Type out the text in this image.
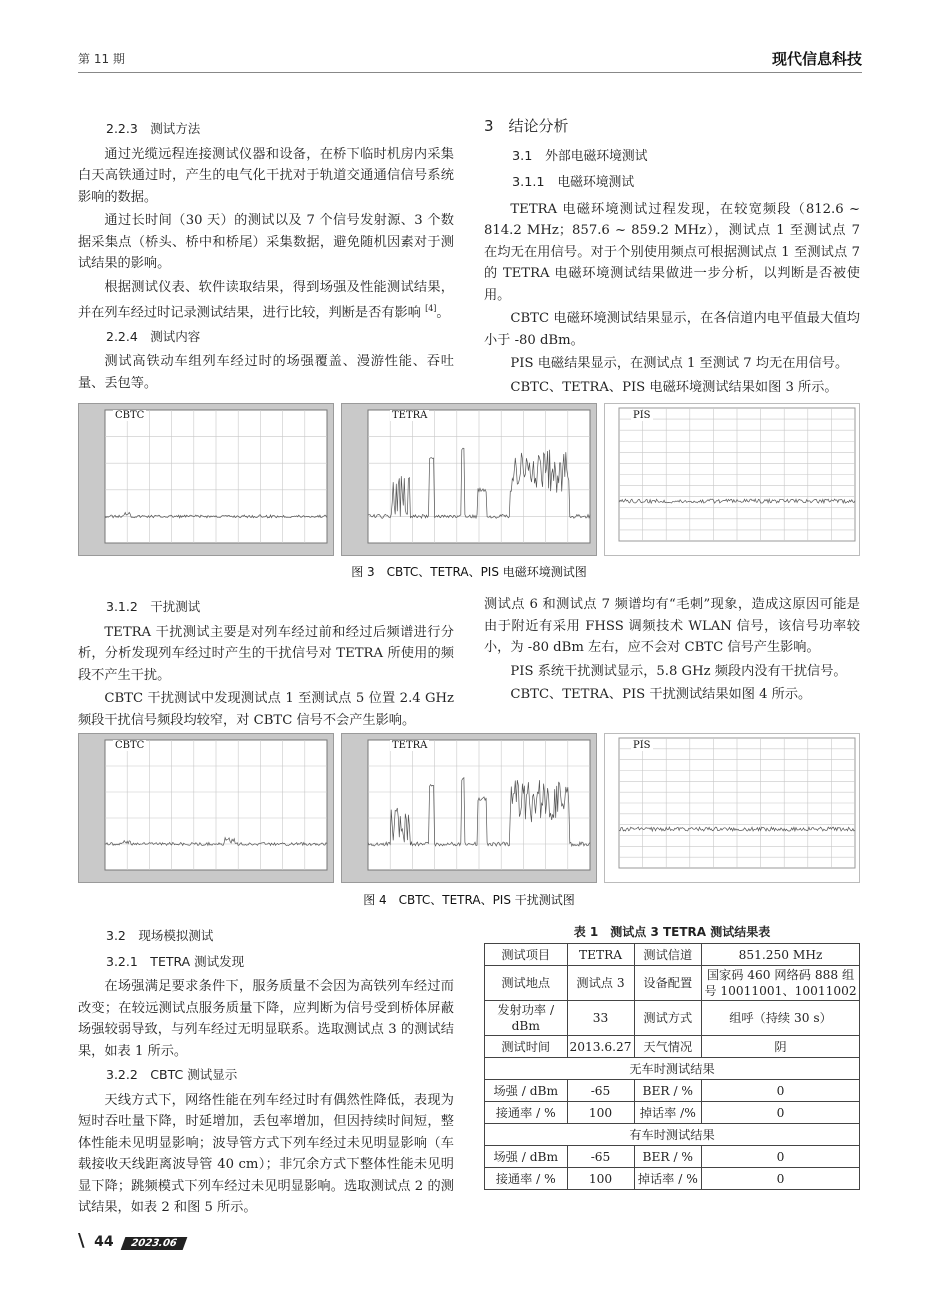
第 11 期	现代信息科技
2.2.3　测试方法

通过光缆远程连接测试仪器和设备，在桥下临时机房内采集白天高铁通过时，产生的电气化干扰对于轨道交通通信信号系统影响的数据。

通过长时间（30 天）的测试以及 7 个信号发射源、3 个数据采集点（桥头、桥中和桥尾）采集数据，避免随机因素对于测试结果的影响。

根据测试仪表、软件读取结果，得到场强及性能测试结果，并在列车经过时记录测试结果，进行比较，判断是否有影响 [4]。

2.2.4　测试内容

测试高铁动车组列车经过时的场强覆盖、漫游性能、吞吐量、丢包等。

3　结论分析
3.1　外部电磁环境测试
3.1.1　电磁环境测试

TETRA 电磁环境测试过程发现，在较宽频段（812.6 ~ 814.2 MHz；857.6 ~ 859.2 MHz），测试点 1 至测试点 7 在均无在用信号。对于个别使用频点可根据测试点 1 至测试点 7 的 TETRA 电磁环境测试结果做进一步分析，以判断是否被使用。

CBTC 电磁环境测试结果显示，在各信道内电平值最大值均小于 -80 dBm。

PIS 电磁结果显示，在测试点 1 至测试 7 均无在用信号。

CBTC、TETRA、PIS 电磁环境测试结果如图 3 所示。

CBTC	TETRA	PIS
图 3　CBTC、TETRA、PIS 电磁环境测试图
3.1.2　干扰测试

TETRA 干扰测试主要是对列车经过前和经过后频谱进行分析，分析发现列车经过时产生的干扰信号对 TETRA 所使用的频段不产生干扰。

CBTC 干扰测试中发现测试点 1 至测试点 5 位置 2.4 GHz 频段干扰信号频段均较窄，对 CBTC 信号不会产生影响。

测试点 6 和测试点 7 频谱均有“毛刺”现象，造成这原因可能是由于附近有采用 FHSS 调频技术 WLAN 信号，该信号功率较小，为 -80 dBm 左右，应不会对 CBTC 信号产生影响。

PIS 系统干扰测试显示，5.8 GHz 频段内没有干扰信号。

CBTC、TETRA、PIS 干扰测试结果如图 4 所示。

CBTC	TETRA	PIS
图 4　CBTC、TETRA、PIS 干扰测试图
3.2　现场模拟测试
3.2.1　TETRA 测试发现

在场强满足要求条件下，服务质量不会因为高铁列车经过而改变；在较远测试点服务质量下降，应判断为信号受到桥体屏蔽场强较弱导致，与列车经过无明显联系。选取测试点 3 的测试结果，如表 1 所示。

3.2.2　CBTC 测试显示

天线方式下，网络性能在列车经过时有偶然性降低，表现为短时吞吐量下降，时延增加，丢包率增加，但因持续时间短，整体性能未见明显影响；波导管方式下列车经过未见明显影响（车载接收天线距离波导管 40 cm）；非冗余方式下整体性能未见明显下降；跳频模式下列车经过未见明显影响。选取测试点 2 的测试结果，如表 2 和图 5 所示。

表 1　测试点 3 TETRA 测试结果表
测试项目	TETRA	测试信道	851.250 MHz
测试地点	测试点 3	设备配置	国家码 460 网络码 888 组号 10011001、10011002
发射功率 / dBm	33	测试方式	组呼（持续 30 s）
测试时间	2013.6.27	天气情况	阴
无车时测试结果			
场强 / dBm	-65	BER / %	0
接通率 / %	100	掉话率 /%	0
有车时测试结果			
场强 / dBm	-65	BER / %	0
接通率 / %	100	掉话率 / %	0
\ 44 2023.06
